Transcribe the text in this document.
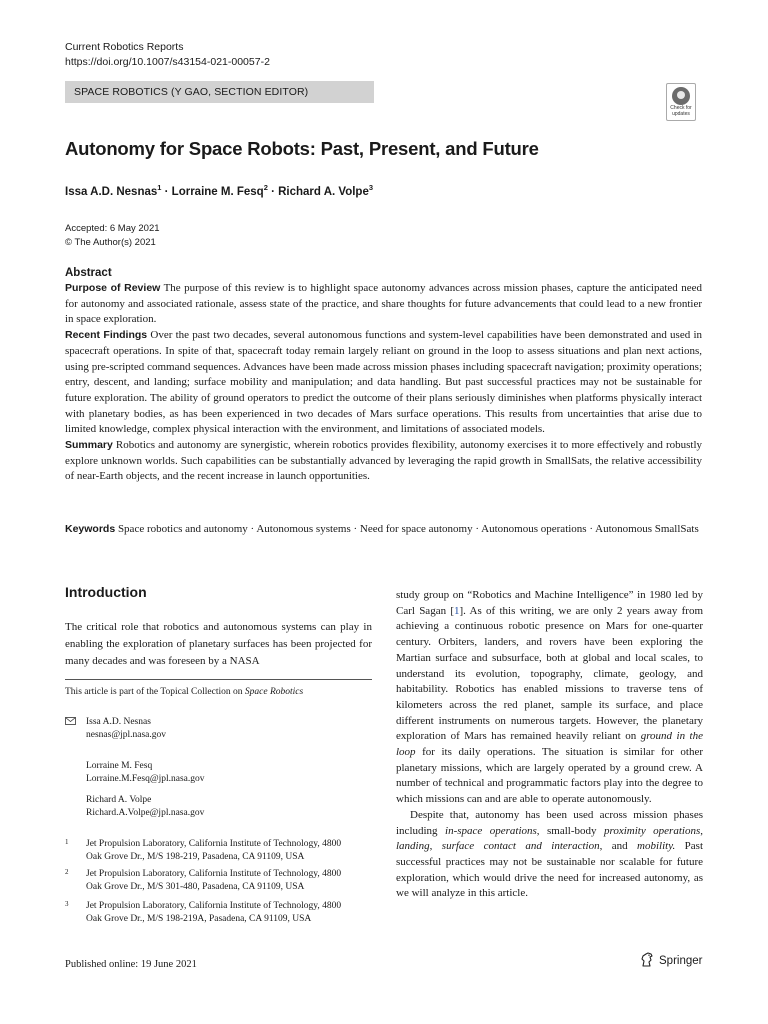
Current Robotics Reports
https://doi.org/10.1007/s43154-021-00057-2
SPACE ROBOTICS (Y GAO, SECTION EDITOR)
Check for
updates
Autonomy for Space Robots: Past, Present, and Future
Issa A.D. Nesnas$^1$ · Lorraine M. Fesq$^2$ · Richard A. Volpe$^3$
Accepted: 6 May 2021
© The Author(s) 2021
Abstract

Purpose of Review The purpose of this review is to highlight space autonomy advances across mission phases, capture the anticipated need for autonomy and associated rationale, assess state of the practice, and share thoughts for future advancements that could lead to a new frontier in space exploration.

Recent Findings Over the past two decades, several autonomous functions and system-level capabilities have been demonstrated and used in spacecraft operations. In spite of that, spacecraft today remain largely reliant on ground in the loop to assess situations and plan next actions, using pre-scripted command sequences. Advances have been made across mission phases including spacecraft navigation; proximity operations; entry, descent, and landing; surface mobility and manipulation; and data handling. But past successful practices may not be sustainable for future exploration. The ability of ground operators to predict the outcome of their plans seriously diminishes when platforms physically interact with planetary bodies, as has been experienced in two decades of Mars surface operations. This results from uncertainties that arise due to limited knowledge, complex physical interaction with the environment, and limitations of associated models.

Summary Robotics and autonomy are synergistic, wherein robotics provides flexibility, autonomy exercises it to more effectively and robustly explore unknown worlds. Such capabilities can be substantially advanced by leveraging the rapid growth in SmallSats, the relative accessibility of near-Earth objects, and the recent increase in launch opportunities.

Keywords Space robotics and autonomy · Autonomous systems · Need for space autonomy · Autonomous operations · Autonomous SmallSats
Introduction

The critical role that robotics and autonomous systems can play in enabling the exploration of planetary surfaces has been projected for many decades and was foreseen by a NASA

This article is part of the Topical Collection on Space Robotics
Issa A.D. Nesnas
nesnas@jpl.nasa.gov
Lorraine M. Fesq
Lorraine.M.Fesq@jpl.nasa.gov
Richard A. Volpe
Richard.A.Volpe@jpl.nasa.gov
1 Jet Propulsion Laboratory, California Institute of Technology, 4800
Oak Grove Dr., M/S 198-219, Pasadena, CA 91109, USA
2 Jet Propulsion Laboratory, California Institute of Technology, 4800
Oak Grove Dr., M/S 301-480, Pasadena, CA 91109, USA
3 Jet Propulsion Laboratory, California Institute of Technology, 4800
Oak Grove Dr., M/S 198-219A, Pasadena, CA 91109, USA

study group on “Robotics and Machine Intelligence” in 1980 led by Carl Sagan [1]. As of this writing, we are only 2 years away from achieving a continuous robotic presence on Mars for one-quarter century. Orbiters, landers, and rovers have been exploring the Martian surface and subsurface, both at global and local scales, to understand its evolution, topography, climate, geology, and habitability. Robotics has enabled missions to traverse tens of kilometers across the red planet, sample its surface, and place different instruments on numerous targets. However, the planetary exploration of Mars has remained heavily reliant on ground in the loop for its daily operations. The situation is similar for other planetary missions, which are largely operated by a ground crew. A number of technical and programmatic factors play into the degree to which missions can and are able to operate autonomously.

Despite that, autonomy has been used across mission phases including in-space operations, small-body proximity operations, landing, surface contact and interaction, and mobility. Past successful practices may not be sustainable nor scalable for future exploration, which would drive the need for increased autonomy, as we will analyze in this article.

Published online: 19 June 2021	Springer
